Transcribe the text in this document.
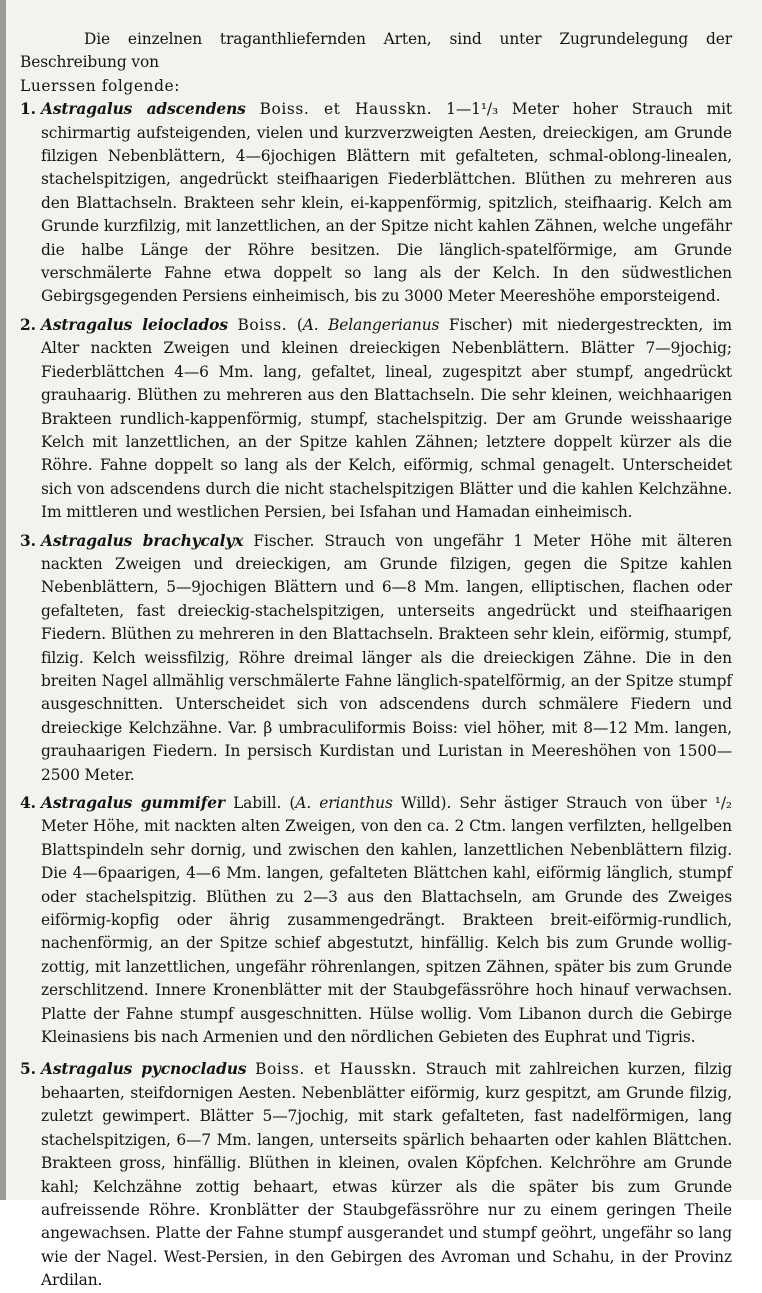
Die einzelnen traganthliefernden Arten, sind unter Zugrundelegung der Beschreibung von
Luerssen folgende:

1. Astragalus adscendens Boiss. et Hausskn. 1—1¹/₃ Meter hoher Strauch mit schirmartig aufsteigenden, vielen und kurzverzweigten Aesten, dreieckigen, am Grunde filzigen Nebenblättern, 4—6jochigen Blättern mit gefalteten, schmal-oblong-linealen, stachelspitzigen, angedrückt steifhaarigen Fiederblättchen. Blüthen zu mehreren aus den Blattachseln. Brakteen sehr klein, ei-kappenförmig, spitzlich, steifhaarig. Kelch am Grunde kurzfilzig, mit lanzettlichen, an der Spitze nicht kahlen Zähnen, welche ungefähr die halbe Länge der Röhre besitzen. Die länglich-spatelförmige, am Grunde verschmälerte Fahne etwa doppelt so lang als der Kelch. In den südwestlichen Gebirgsgegenden Persiens einheimisch, bis zu 3000 Meter Meereshöhe emporsteigend.

2. Astragalus leioclados Boiss. (A. Belangerianus Fischer) mit niedergestreckten, im Alter nackten Zweigen und kleinen dreieckigen Nebenblättern. Blätter 7—9jochig; Fiederblättchen 4—6 Mm. lang, gefaltet, lineal, zugespitzt aber stumpf, angedrückt grauhaarig. Blüthen zu mehreren aus den Blattachseln. Die sehr kleinen, weichhaarigen Brakteen rundlich-kappenförmig, stumpf, stachelspitzig. Der am Grunde weisshaarige Kelch mit lanzettlichen, an der Spitze kahlen Zähnen; letztere doppelt kürzer als die Röhre. Fahne doppelt so lang als der Kelch, eiförmig, schmal genagelt. Unterscheidet sich von adscendens durch die nicht stachelspitzigen Blätter und die kahlen Kelchzähne. Im mittleren und westlichen Persien, bei Isfahan und Hamadan einheimisch.

3. Astragalus brachycalyx Fischer. Strauch von ungefähr 1 Meter Höhe mit älteren nackten Zweigen und dreieckigen, am Grunde filzigen, gegen die Spitze kahlen Nebenblättern, 5—9jochigen Blättern und 6—8 Mm. langen, elliptischen, flachen oder gefalteten, fast dreieckig-stachelspitzigen, unterseits angedrückt und steifhaarigen Fiedern. Blüthen zu mehreren in den Blattachseln. Brakteen sehr klein, eiförmig, stumpf, filzig. Kelch weissfilzig, Röhre dreimal länger als die dreieckigen Zähne. Die in den breiten Nagel allmählig verschmälerte Fahne länglich-spatelförmig, an der Spitze stumpf ausgeschnitten. Unterscheidet sich von adscendens durch schmälere Fiedern und dreieckige Kelchzähne. Var. β umbraculiformis Boiss: viel höher, mit 8—12 Mm. langen, grauhaarigen Fiedern. In persisch Kurdistan und Luristan in Meereshöhen von 1500—2500 Meter.

4. Astragalus gummifer Labill. (A. erianthus Willd). Sehr ästiger Strauch von über ¹/₂ Meter Höhe, mit nackten alten Zweigen, von den ca. 2 Ctm. langen verfilzten, hellgelben Blattspindeln sehr dornig, und zwischen den kahlen, lanzettlichen Nebenblättern filzig. Die 4—6paarigen, 4—6 Mm. langen, gefalteten Blättchen kahl, eiförmig länglich, stumpf oder stachelspitzig. Blüthen zu 2—3 aus den Blattachseln, am Grunde des Zweiges eiförmig-kopfig oder ährig zusammengedrängt. Brakteen breit-eiförmig-rundlich, nachenförmig, an der Spitze schief abgestutzt, hinfällig. Kelch bis zum Grunde wollig-zottig, mit lanzettlichen, ungefähr röhrenlangen, spitzen Zähnen, später bis zum Grunde zerschlitzend. Innere Kronenblätter mit der Staubgefässröhre hoch hinauf verwachsen. Platte der Fahne stumpf ausgeschnitten. Hülse wollig. Vom Libanon durch die Gebirge Kleinasiens bis nach Armenien und den nördlichen Gebieten des Euphrat und Tigris.

5. Astragalus pycnocladus Boiss. et Hausskn. Strauch mit zahlreichen kurzen, filzig behaarten, steifdornigen Aesten. Nebenblätter eiförmig, kurz gespitzt, am Grunde filzig, zuletzt gewimpert. Blätter 5—7jochig, mit stark gefalteten, fast nadelförmigen, lang stachelspitzigen, 6—7 Mm. langen, unterseits spärlich behaarten oder kahlen Blättchen. Brakteen gross, hinfällig. Blüthen in kleinen, ovalen Köpfchen. Kelchröhre am Grunde kahl; Kelchzähne zottig behaart, etwas kürzer als die später bis zum Grunde aufreissende Röhre. Kronblätter der Staubgefässröhre nur zu einem geringen Theile angewachsen. Platte der Fahne stumpf ausgerandet und stumpf geöhrt, ungefähr so lang wie der Nagel. West-Persien, in den Gebirgen des Avroman und Schahu, in der Provinz Ardilan.
